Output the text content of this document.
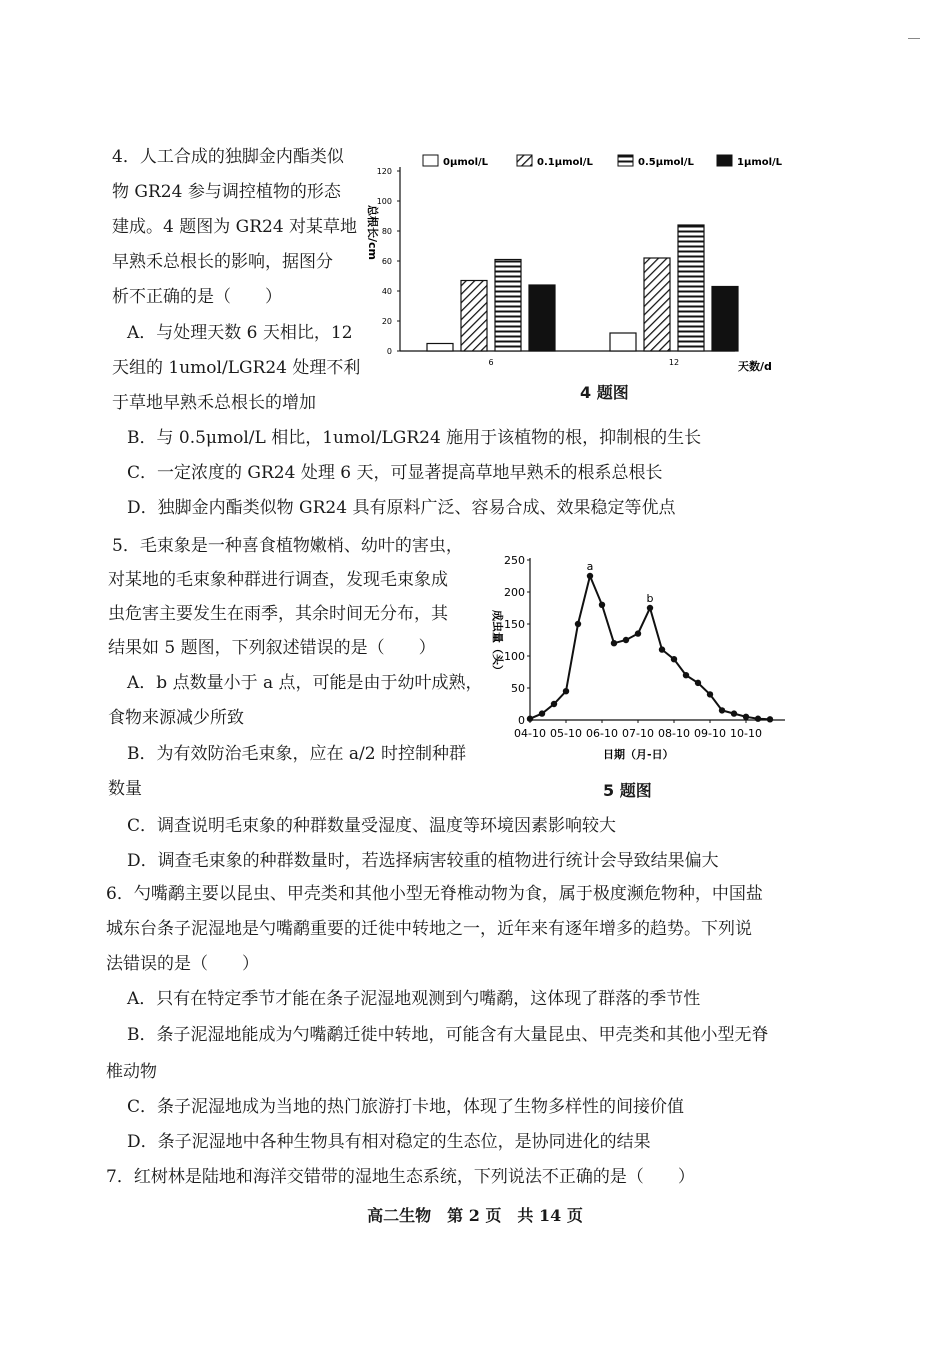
4．人工合成的独脚金内酯类似
物 GR24 参与调控植物的形态
建成。4 题图为 GR24 对某草地
早熟禾总根长的影响，据图分
析不正确的是（　　）
A．与处理天数 6 天相比，12
天组的 1umol/LGR24 处理不利
于草地早熟禾总根长的增加
0μmol/L	0.1μmol/L	0.5μmol/L	1μmol/L
总根长/cm
0
20
40
60
80
100
120
6	12	天数/d
4 题图
B．与 0.5μmol/L 相比，1umol/LGR24 施用于该植物的根，抑制根的生长
C．一定浓度的 GR24 处理 6 天，可显著提高草地早熟禾的根系总根长
D．独脚金内酯类似物 GR24 具有原料广泛、容易合成、效果稳定等优点
5．毛束象是一种喜食植物嫩梢、幼叶的害虫，
对某地的毛束象种群进行调查，发现毛束象成
虫危害主要发生在雨季，其余时间无分布，其
结果如 5 题图，下列叙述错误的是（　　）
A．b 点数量小于 a 点，可能是由于幼叶成熟，
食物来源减少所致
B．为有效防治毛束象，应在 a/2 时控制种群
数量
0
50
100
150
200
250
04-10 05-10 06-10 07-10 08-10 09-10 10-10
a
b
成虫量（头）
日期（月-日）
5 题图
C．调查说明毛束象的种群数量受湿度、温度等环境因素影响较大
D．调查毛束象的种群数量时，若选择病害较重的植物进行统计会导致结果偏大
6．勺嘴鹬主要以昆虫、甲壳类和其他小型无脊椎动物为食，属于极度濒危物种，中国盐
城东台条子泥湿地是勺嘴鹬重要的迁徙中转地之一，近年来有逐年增多的趋势。下列说
法错误的是（　　）
A．只有在特定季节才能在条子泥湿地观测到勺嘴鹬，这体现了群落的季节性
B．条子泥湿地能成为勺嘴鹬迁徙中转地，可能含有大量昆虫、甲壳类和其他小型无脊
椎动物
C．条子泥湿地成为当地的热门旅游打卡地，体现了生物多样性的间接价值
D．条子泥湿地中各种生物具有相对稳定的生态位，是协同进化的结果
7．红树林是陆地和海洋交错带的湿地生态系统，下列说法不正确的是（　　）
高二生物　第 2 页　共 14 页
